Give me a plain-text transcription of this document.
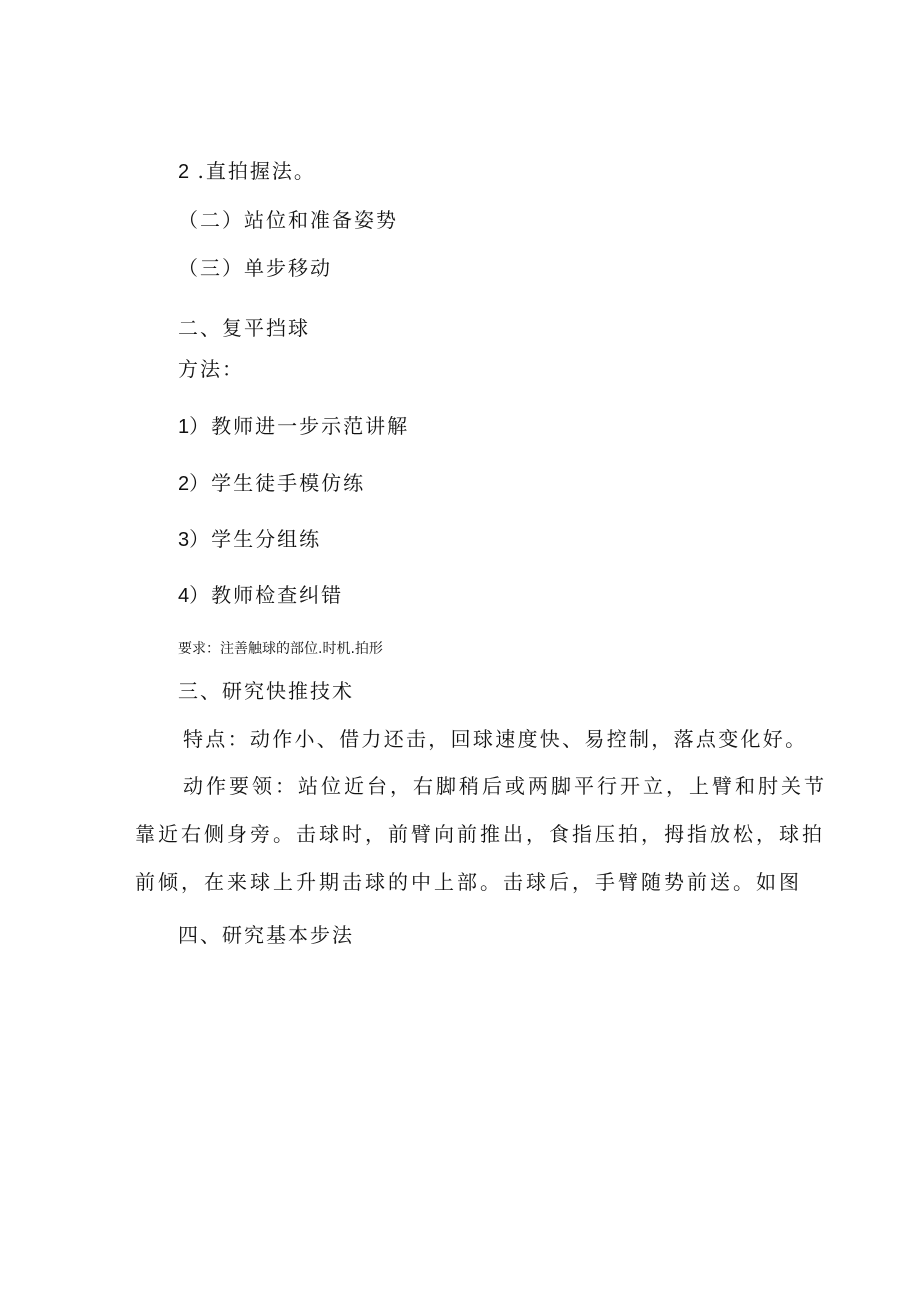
2 .直拍握法。
（二）站位和准备姿势
（三）单步移动
二、复平挡球
方法：
1）教师进一步示范讲解
2）学生徒手模仿练
3）学生分组练
4）教师检查纠错
要求：注善触球的部位.时机.拍形
三、研究快推技术
特点：动作小、借力还击，回球速度快、易控制，落点变化好。
动作要领：站位近台，右脚稍后或两脚平行开立，上臂和肘关节
靠近右侧身旁。击球时，前臂向前推出，食指压拍，拇指放松，球拍
前倾，在来球上升期击球的中上部。击球后，手臂随势前送。如图
四、研究基本步法
